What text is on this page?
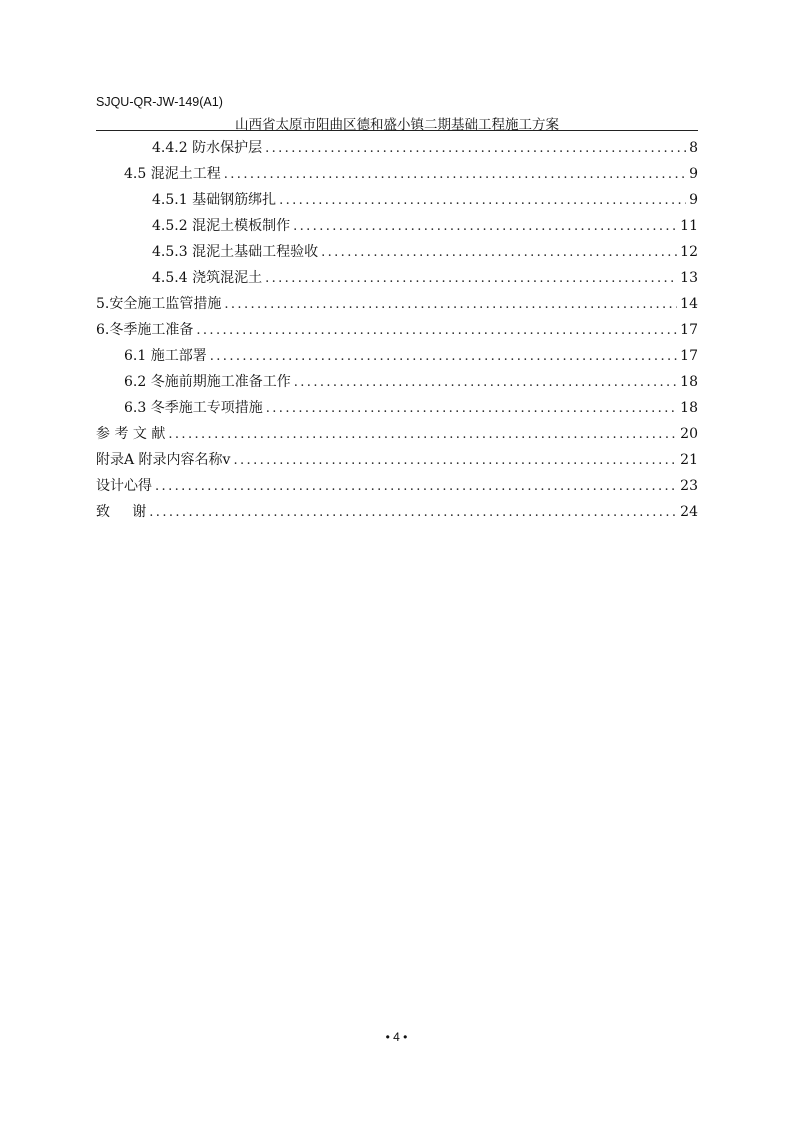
SJQU-QR-JW-149(A1)
山西省太原市阳曲区德和盛小镇二期基础工程施工方案
4.4.2 防水保护层 .....	8
4.5 混泥土工程 .....	9
4.5.1 基础钢筋绑扎 .....	9
4.5.2 混泥土模板制作 .....	11
4.5.3 混泥土基础工程验收 .....	12
4.5.4 浇筑混泥土 .....	13
5.安全施工监管措施 .....	14
6.冬季施工准备 .....	17
6.1 施工部署 .....	17
6.2 冬施前期施工准备工作 .....	18
6.3 冬季施工专项措施 .....	18
参 考 文 献 .....	20
附录A 附录内容名称v .....	21
设计心得 .....	23
致     谢 .....	24
• 4 •
